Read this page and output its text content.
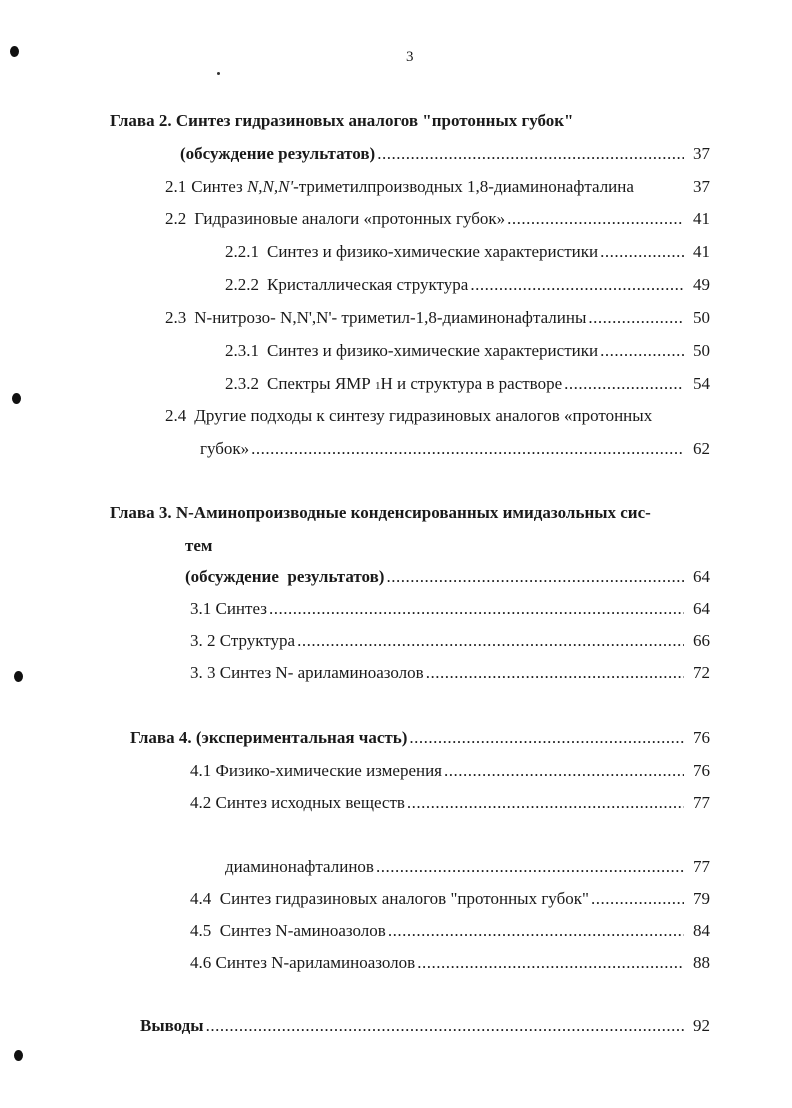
3
Глава 2. Синтез гидразиновых аналогов "протонных губок"
(обсуждение результатов) .....	37
2.1 Синтез N,N,N' -триметилпроизводных 1,8-диаминонафталина	37
2.2 Гидразиновые аналоги «протонных губок» .....	41
2.2.1 Синтез и физико-химические характеристики .....	41
2.2.2 Кристаллическая структура .....	49
2.3 N-нитрозо- N,N',N'- триметил-1,8-диаминонафталины .....	50
2.3.1 Синтез и физико-химические характеристики .....	50
2.3.2 Спектры ЯМР 1 Н и структура в растворе .....	54
2.4 Другие подходы к синтезу гидразиновых аналогов «протонных
губок» .....	62
Глава 3. N-Аминопроизводные конденсированных имидазольных сис-
тем
(обсуждение  результатов) .....	64
3.1 Синтез .....	64
3. 2 Структура .....	66
3. 3 Синтез N- ариламиноазолов .....	72
Глава 4. (экспериментальная часть) .....	76
4.1 Физико-химические измерения .....	76
4.2 Синтез исходных веществ .....	77
диаминонафталинов .....	77
4.4  Синтез гидразиновых аналогов "протонных губок" .....	79
4.5  Синтез N-аминоазолов .....	84
4.6 Синтез N-ариламиноазолов .....	88
Выводы .....	92
